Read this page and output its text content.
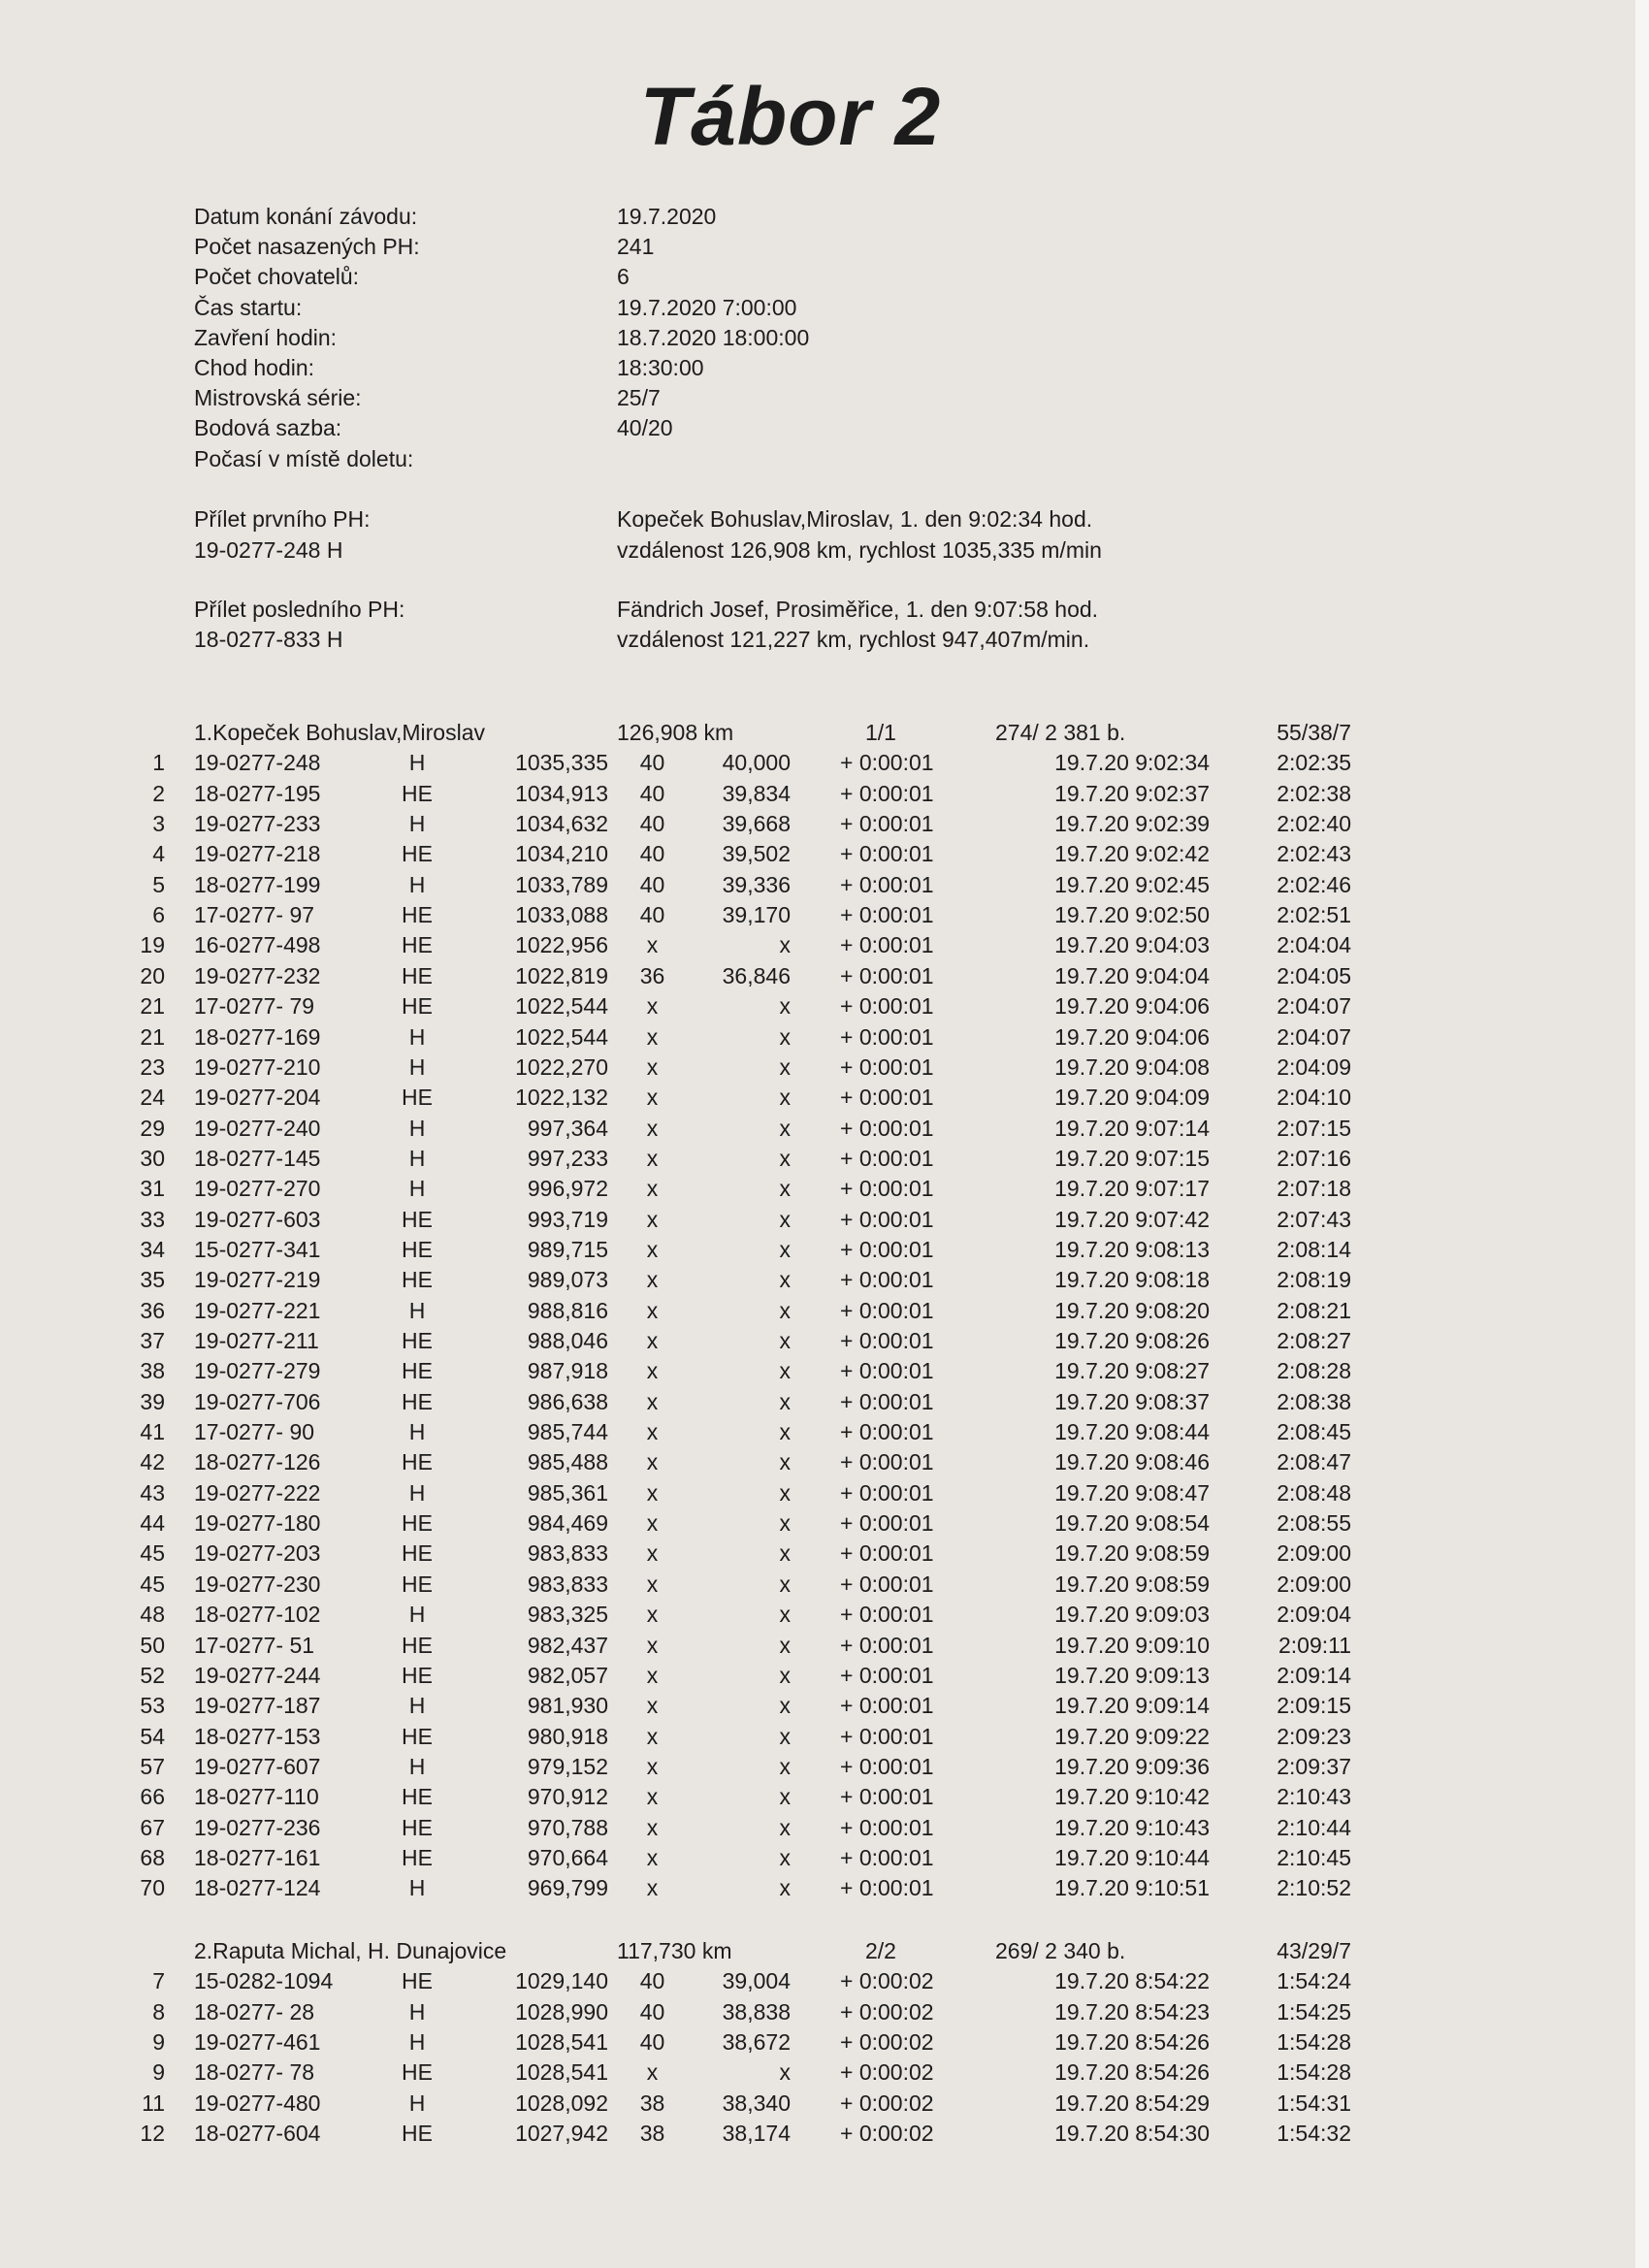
Tábor 2
Datum konání závodu:	19.7.2020
Počet nasazených PH:	241
Počet chovatelů:	6
Čas startu:	19.7.2020 7:00:00
Zavření hodin:	18.7.2020 18:00:00
Chod hodin:	18:30:00
Mistrovská série:	25/7
Bodová sazba:	40/20
Počasí v místě doletu:
Přílet prvního PH:
19-0277-248 H
Kopeček Bohuslav,Miroslav, 1. den 9:02:34 hod.
vzdálenost 126,908 km, rychlost 1035,335 m/min
Přílet posledního PH:
18-0277-833 H
Fändrich Josef, Prosiměřice, 1. den 9:07:58 hod.
vzdálenost 121,227 km, rychlost 947,407m/min.
1.Kopeček Bohuslav,Miroslav	126,908 km	1/1	274/ 2 381 b.	55/38/7
1 19-0277-248	H	1035,335	40	40,000 + 0:00:01	19.7.20 9:02:34	2:02:35
2 18-0277-195	HE	1034,913	40	39,834 + 0:00:01	19.7.20 9:02:37	2:02:38
3 19-0277-233	H	1034,632	40	39,668 + 0:00:01	19.7.20 9:02:39	2:02:40
4 19-0277-218	HE	1034,210	40	39,502 + 0:00:01	19.7.20 9:02:42	2:02:43
5 18-0277-199	H	1033,789	40	39,336 + 0:00:01	19.7.20 9:02:45	2:02:46
6 17-0277- 97	HE	1033,088	40	39,170 + 0:00:01	19.7.20 9:02:50	2:02:51
19 16-0277-498	HE	1022,956	x	x + 0:00:01	19.7.20 9:04:03	2:04:04
20 19-0277-232	HE	1022,819	36	36,846 + 0:00:01	19.7.20 9:04:04	2:04:05
21 17-0277- 79	HE	1022,544	x	x + 0:00:01	19.7.20 9:04:06	2:04:07
21 18-0277-169	H	1022,544	x	x + 0:00:01	19.7.20 9:04:06	2:04:07
23 19-0277-210	H	1022,270	x	x + 0:00:01	19.7.20 9:04:08	2:04:09
24 19-0277-204	HE	1022,132	x	x + 0:00:01	19.7.20 9:04:09	2:04:10
29 19-0277-240	H	997,364	x	x + 0:00:01	19.7.20 9:07:14	2:07:15
30 18-0277-145	H	997,233	x	x + 0:00:01	19.7.20 9:07:15	2:07:16
31 19-0277-270	H	996,972	x	x + 0:00:01	19.7.20 9:07:17	2:07:18
33 19-0277-603	HE	993,719	x	x + 0:00:01	19.7.20 9:07:42	2:07:43
34 15-0277-341	HE	989,715	x	x + 0:00:01	19.7.20 9:08:13	2:08:14
35 19-0277-219	HE	989,073	x	x + 0:00:01	19.7.20 9:08:18	2:08:19
36 19-0277-221	H	988,816	x	x + 0:00:01	19.7.20 9:08:20	2:08:21
37 19-0277-211	HE	988,046	x	x + 0:00:01	19.7.20 9:08:26	2:08:27
38 19-0277-279	HE	987,918	x	x + 0:00:01	19.7.20 9:08:27	2:08:28
39 19-0277-706	HE	986,638	x	x + 0:00:01	19.7.20 9:08:37	2:08:38
41 17-0277- 90	H	985,744	x	x + 0:00:01	19.7.20 9:08:44	2:08:45
42 18-0277-126	HE	985,488	x	x + 0:00:01	19.7.20 9:08:46	2:08:47
43 19-0277-222	H	985,361	x	x + 0:00:01	19.7.20 9:08:47	2:08:48
44 19-0277-180	HE	984,469	x	x + 0:00:01	19.7.20 9:08:54	2:08:55
45 19-0277-203	HE	983,833	x	x + 0:00:01	19.7.20 9:08:59	2:09:00
45 19-0277-230	HE	983,833	x	x + 0:00:01	19.7.20 9:08:59	2:09:00
48 18-0277-102	H	983,325	x	x + 0:00:01	19.7.20 9:09:03	2:09:04
50 17-0277- 51	HE	982,437	x	x + 0:00:01	19.7.20 9:09:10	2:09:11
52 19-0277-244	HE	982,057	x	x + 0:00:01	19.7.20 9:09:13	2:09:14
53 19-0277-187	H	981,930	x	x + 0:00:01	19.7.20 9:09:14	2:09:15
54 18-0277-153	HE	980,918	x	x + 0:00:01	19.7.20 9:09:22	2:09:23
57 19-0277-607	H	979,152	x	x + 0:00:01	19.7.20 9:09:36	2:09:37
66 18-0277-110	HE	970,912	x	x + 0:00:01	19.7.20 9:10:42	2:10:43
67 19-0277-236	HE	970,788	x	x + 0:00:01	19.7.20 9:10:43	2:10:44
68 18-0277-161	HE	970,664	x	x + 0:00:01	19.7.20 9:10:44	2:10:45
70 18-0277-124	H	969,799	x	x + 0:00:01	19.7.20 9:10:51	2:10:52
2.Raputa Michal, H. Dunajovice	117,730 km	2/2	269/ 2 340 b.	43/29/7
7 15-0282-1094	HE	1029,140	40	39,004 + 0:00:02	19.7.20 8:54:22	1:54:24
8 18-0277- 28	H	1028,990	40	38,838 + 0:00:02	19.7.20 8:54:23	1:54:25
9 19-0277-461	H	1028,541	40	38,672 + 0:00:02	19.7.20 8:54:26	1:54:28
9 18-0277- 78	HE	1028,541	x	x + 0:00:02	19.7.20 8:54:26	1:54:28
11 19-0277-480	H	1028,092	38	38,340 + 0:00:02	19.7.20 8:54:29	1:54:31
12 18-0277-604	HE	1027,942	38	38,174 + 0:00:02	19.7.20 8:54:30	1:54:32
